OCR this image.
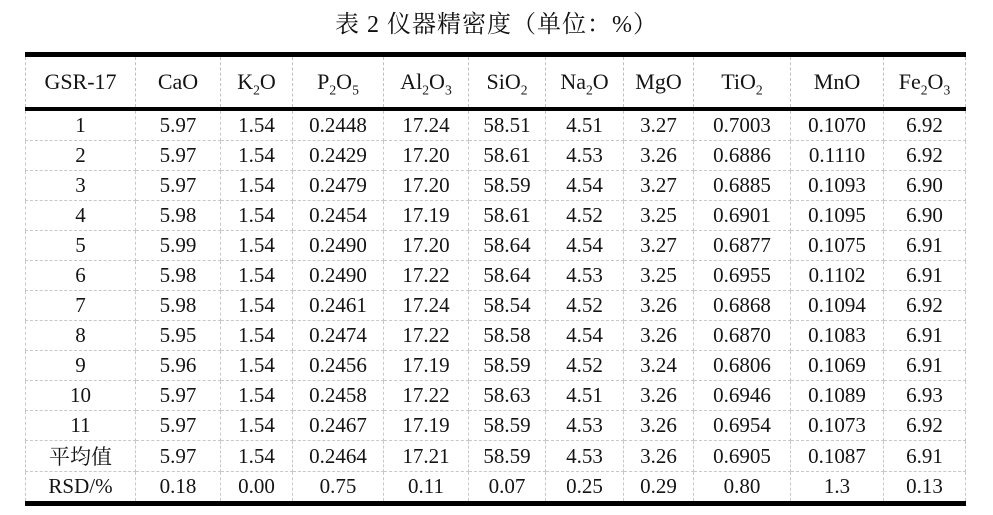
表 2 仪器精密度（单位：%）
GSR-17	CaO	$K_2O$	$P_2O_5$	$Al_2O_3$	SiO$_2$	$Na_2O$	MgO	TiO$_2$	MnO	$Fe_2O_3$
1	5.97	1.54	0.2448	17.24	58.51	4.51	3.27	0.7003	0.1070	6.92
2	5.97	1.54	0.2429	17.20	58.61	4.53	3.26	0.6886	0.1110	6.92
3	5.97	1.54	0.2479	17.20	58.59	4.54	3.27	0.6885	0.1093	6.90
4	5.98	1.54	0.2454	17.19	58.61	4.52	3.25	0.6901	0.1095	6.90
5	5.99	1.54	0.2490	17.20	58.64	4.54	3.27	0.6877	0.1075	6.91
6	5.98	1.54	0.2490	17.22	58.64	4.53	3.25	0.6955	0.1102	6.91
7	5.98	1.54	0.2461	17.24	58.54	4.52	3.26	0.6868	0.1094	6.92
8	5.95	1.54	0.2474	17.22	58.58	4.54	3.26	0.6870	0.1083	6.91
9	5.96	1.54	0.2456	17.19	58.59	4.52	3.24	0.6806	0.1069	6.91
10	5.97	1.54	0.2458	17.22	58.63	4.51	3.26	0.6946	0.1089	6.93
11	5.97	1.54	0.2467	17.19	58.59	4.53	3.26	0.6954	0.1073	6.92
平均值	5.97	1.54	0.2464	17.21	58.59	4.53	3.26	0.6905	0.1087	6.91
RSD/%	0.18	0.00	0.75	0.11	0.07	0.25	0.29	0.80	1.3	0.13
